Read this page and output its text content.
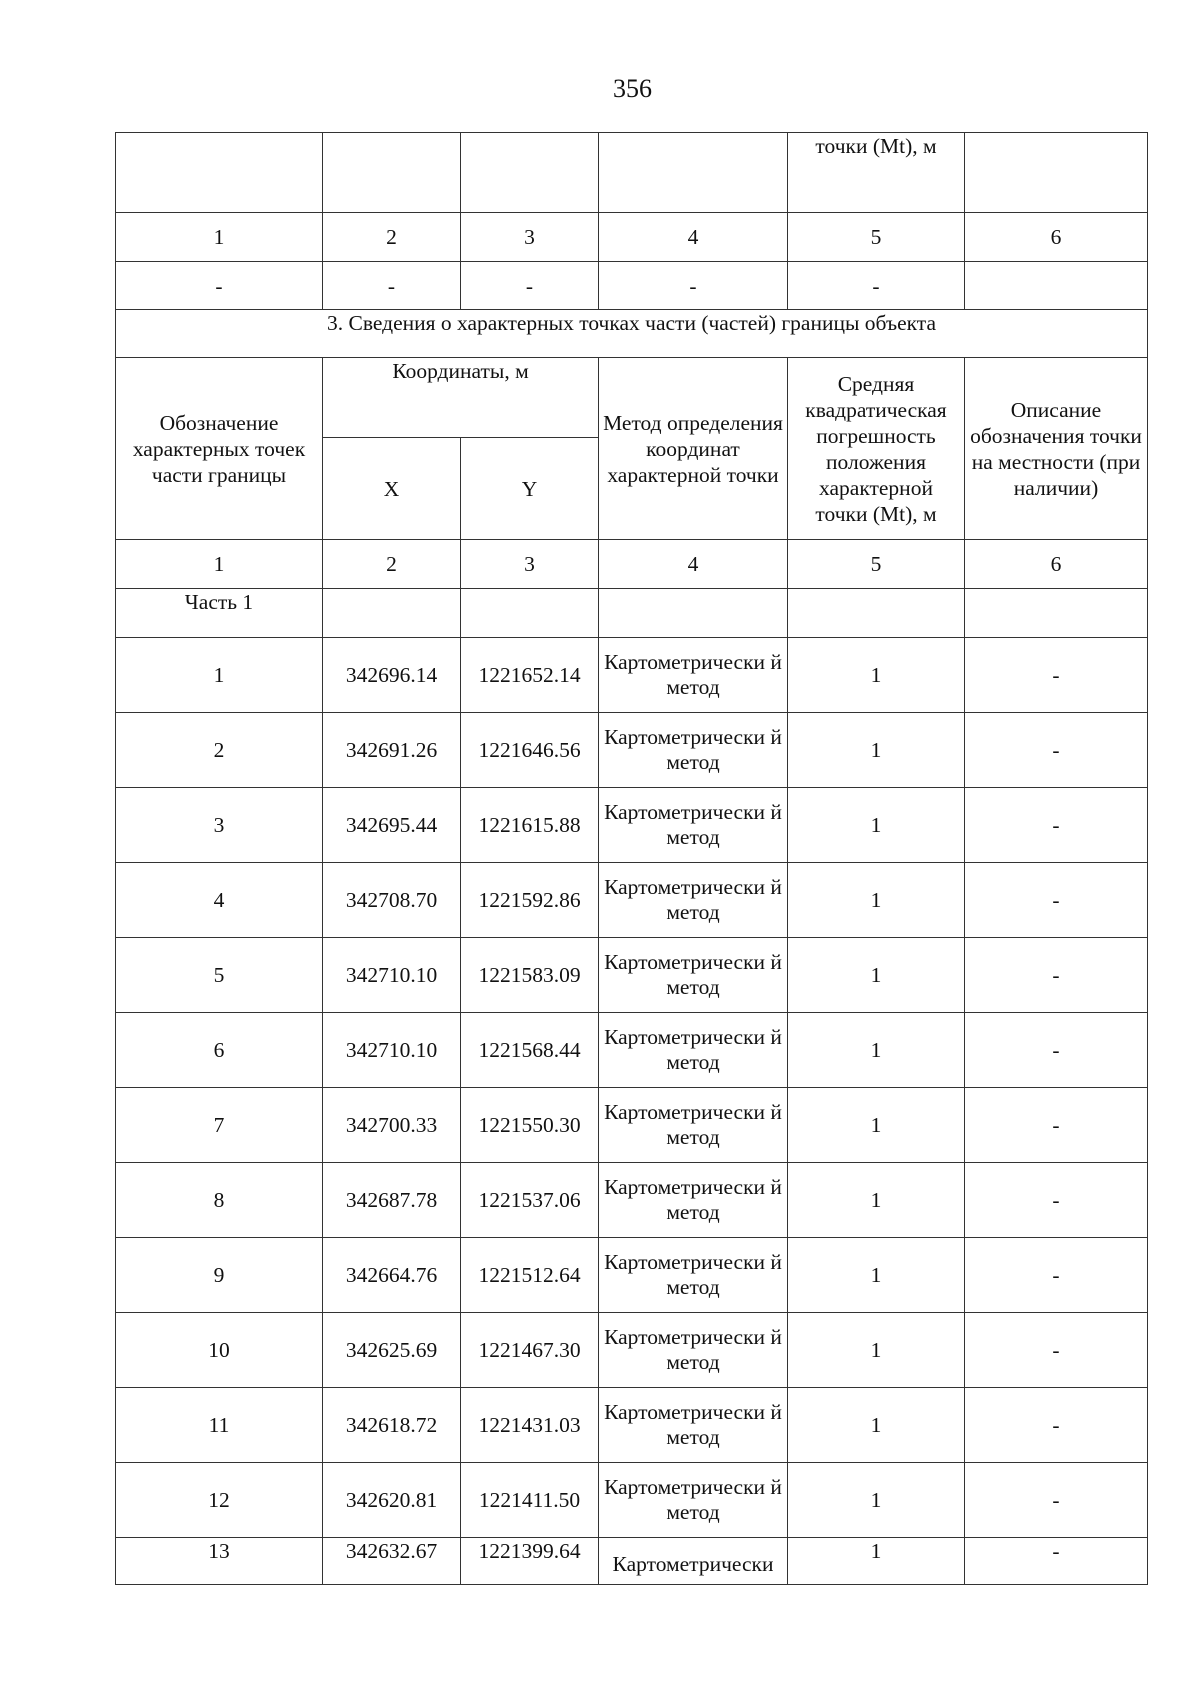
356
				точки (Mt), м	
1	2	3	4	5	6
-	-	-	-	-	
3. Сведения о характерных точках части (частей) границы объекта					
Обозначение характерных точек части границы	Координаты, м		Метод определения координат характерной точки	Средняя квадратическая погрешность положения характерной точки (Mt), м	Описание обозначения точки на местности (при наличии)
	X	Y			
1	2	3	4	5	6
Часть 1					
1	342696.14	1221652.14	Картометрически й метод	1	-
2	342691.26	1221646.56	Картометрически й метод	1	-
3	342695.44	1221615.88	Картометрически й метод	1	-
4	342708.70	1221592.86	Картометрически й метод	1	-
5	342710.10	1221583.09	Картометрически й метод	1	-
6	342710.10	1221568.44	Картометрически й метод	1	-
7	342700.33	1221550.30	Картометрически й метод	1	-
8	342687.78	1221537.06	Картометрически й метод	1	-
9	342664.76	1221512.64	Картометрически й метод	1	-
10	342625.69	1221467.30	Картометрически й метод	1	-
11	342618.72	1221431.03	Картометрически й метод	1	-
12	342620.81	1221411.50	Картометрически й метод	1	-
13	342632.67	1221399.64	Картометрически	1	-
